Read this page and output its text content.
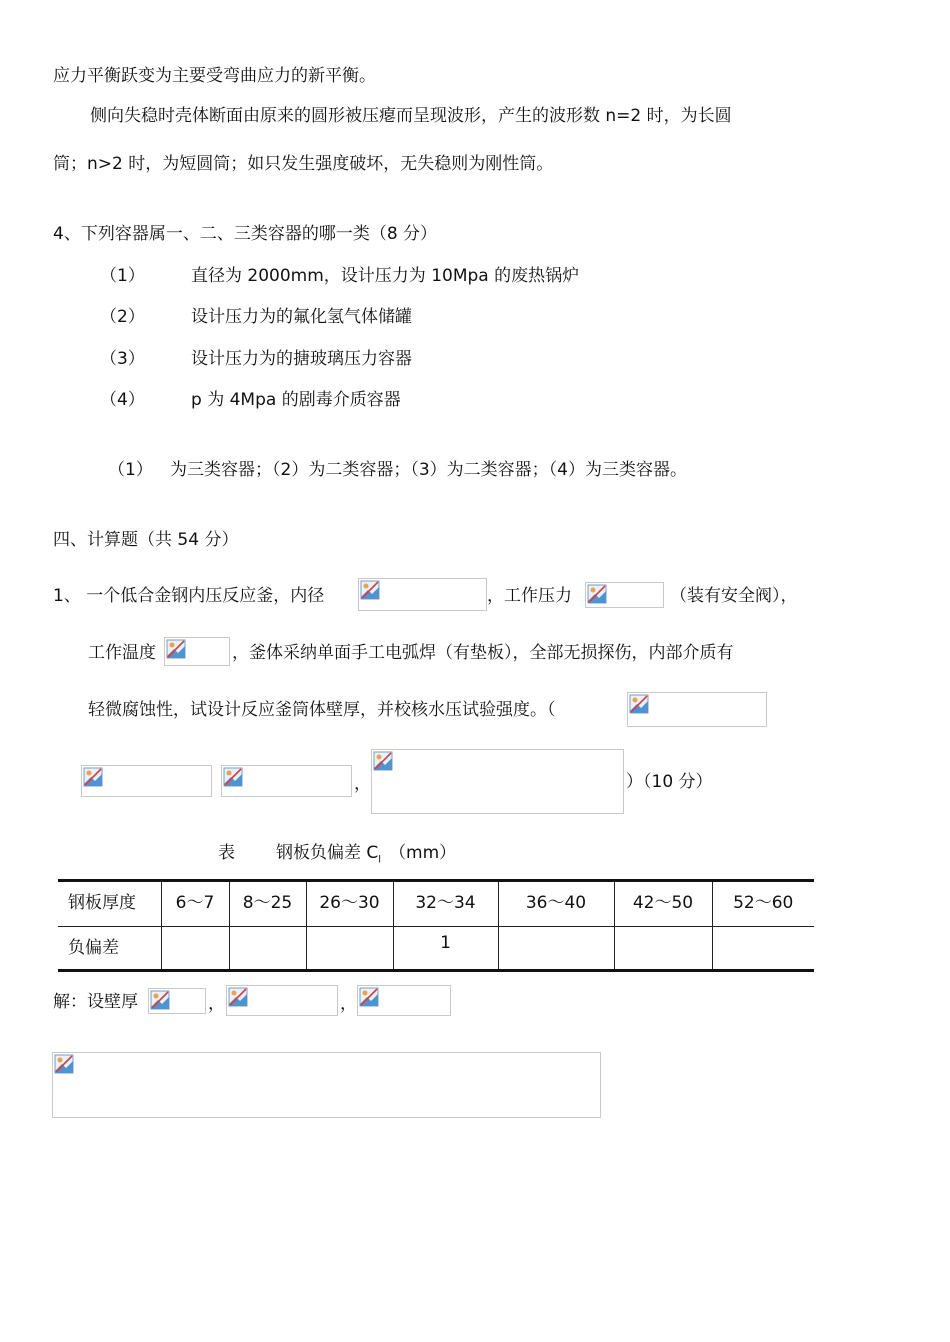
应力平衡跃变为主要受弯曲应力的新平衡。
侧向失稳时壳体断面由原来的圆形被压瘪而呈现波形，产生的波形数 n=2 时，为长圆
筒；n>2 时，为短圆筒；如只发生强度破坏，无失稳则为刚性筒。
4、下列容器属一、二、三类容器的哪一类（8 分）
（1）	直径为 2000mm，设计压力为 10Mpa 的废热锅炉
（2）	设计压力为的氟化氢气体储罐
（3）	设计压力为的搪玻璃压力容器
（4）	p 为 4Mpa 的剧毒介质容器
（1） 为三类容器；（2）为二类容器；（3）为二类容器；（4）为三类容器。
四、计算题（共 54 分）
1、 一个低合金钢内压反应釜，内径	，工作压力	（装有安全阀），
工作温度	，釜体采纳单面手工电弧焊（有垫板），全部无损探伤，内部介质有
轻微腐蚀性，试设计反应釜筒体壁厚，并校核水压试验强度。（
，	）（10 分）
表 钢板负偏差 $C_l$ （mm）
钢板厚度	6～7	8～25	26～30	32～34	36～40	42～50	52～60
负偏差				1			
解：设壁厚	，	，
